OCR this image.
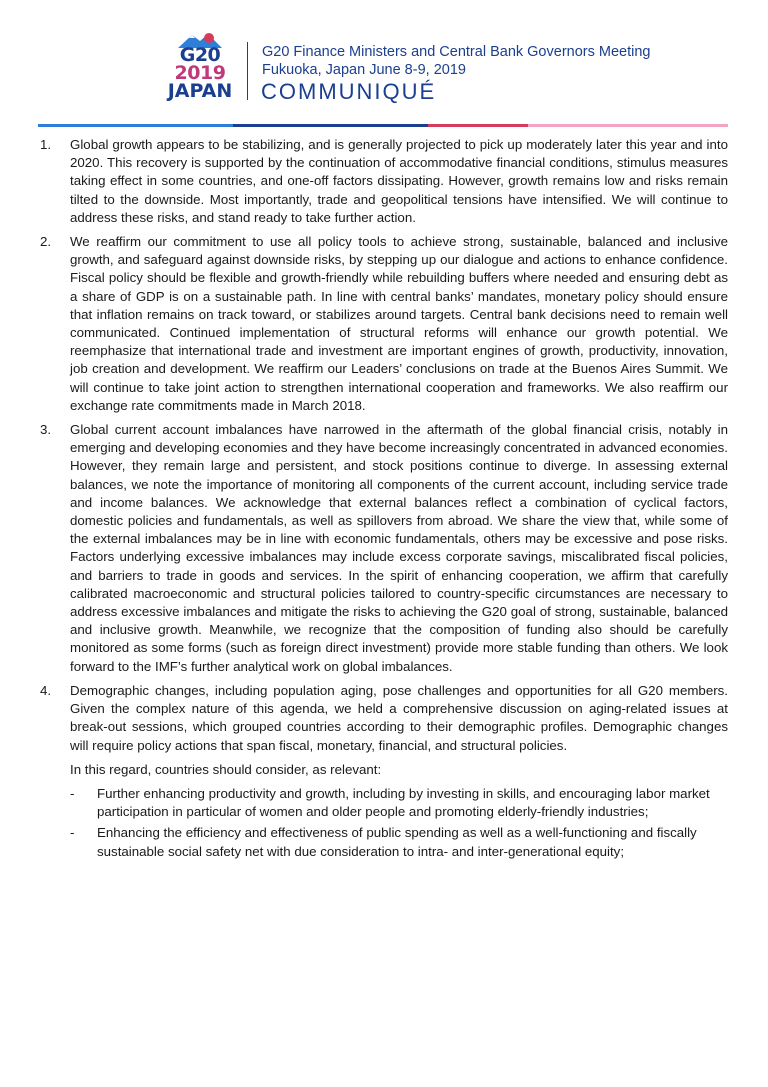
G20
2019
JAPAN
G20 Finance Ministers and Central Bank Governors Meeting
Fukuoka, Japan June 8-9, 2019
COMMUNIQUÉ
1. Global growth appears to be stabilizing, and is generally projected to pick up moderately later this year and into 2020. This recovery is supported by the continuation of accommodative financial conditions, stimulus measures taking effect in some countries, and one-off factors dissipating. However, growth remains low and risks remain tilted to the downside. Most importantly, trade and geopolitical tensions have intensified. We will continue to address these risks, and stand ready to take further action.
2. We reaffirm our commitment to use all policy tools to achieve strong, sustainable, balanced and inclusive growth, and safeguard against downside risks, by stepping up our dialogue and actions to enhance confidence. Fiscal policy should be flexible and growth-friendly while rebuilding buffers where needed and ensuring debt as a share of GDP is on a sustainable path. In line with central banks’ mandates, monetary policy should ensure that inflation remains on track toward, or stabilizes around targets. Central bank decisions need to remain well communicated. Continued implementation of structural reforms will enhance our growth potential. We reemphasize that international trade and investment are important engines of growth, productivity, innovation, job creation and development. We reaffirm our Leaders’ conclusions on trade at the Buenos Aires Summit. We will continue to take joint action to strengthen international cooperation and frameworks. We also reaffirm our exchange rate commitments made in March 2018.
3. Global current account imbalances have narrowed in the aftermath of the global financial crisis, notably in emerging and developing economies and they have become increasingly concentrated in advanced economies. However, they remain large and persistent, and stock positions continue to diverge. In assessing external balances, we note the importance of monitoring all components of the current account, including service trade and income balances. We acknowledge that external balances reflect a combination of cyclical factors, domestic policies and fundamentals, as well as spillovers from abroad. We share the view that, while some of the external imbalances may be in line with economic fundamentals, others may be excessive and pose risks. Factors underlying excessive imbalances may include excess corporate savings, miscalibrated fiscal policies, and barriers to trade in goods and services. In the spirit of enhancing cooperation, we affirm that carefully calibrated macroeconomic and structural policies tailored to country-specific circumstances are necessary to address excessive imbalances and mitigate the risks to achieving the G20 goal of strong, sustainable, balanced and inclusive growth. Meanwhile, we recognize that the composition of funding also should be carefully monitored as some forms (such as foreign direct investment) provide more stable funding than others. We look forward to the IMF’s further analytical work on global imbalances.
4. Demographic changes, including population aging, pose challenges and opportunities for all G20 members. Given the complex nature of this agenda, we held a comprehensive discussion on aging-related issues at break-out sessions, which grouped countries according to their demographic profiles. Demographic changes will require policy actions that span fiscal, monetary, financial, and structural policies.
In this regard, countries should consider, as relevant:
- Further enhancing productivity and growth, including by investing in skills, and encouraging labor market participation in particular of women and older people and promoting elderly-friendly industries;
- Enhancing the efficiency and effectiveness of public spending as well as a well-functioning and fiscally sustainable social safety net with due consideration to intra- and inter-generational equity;
